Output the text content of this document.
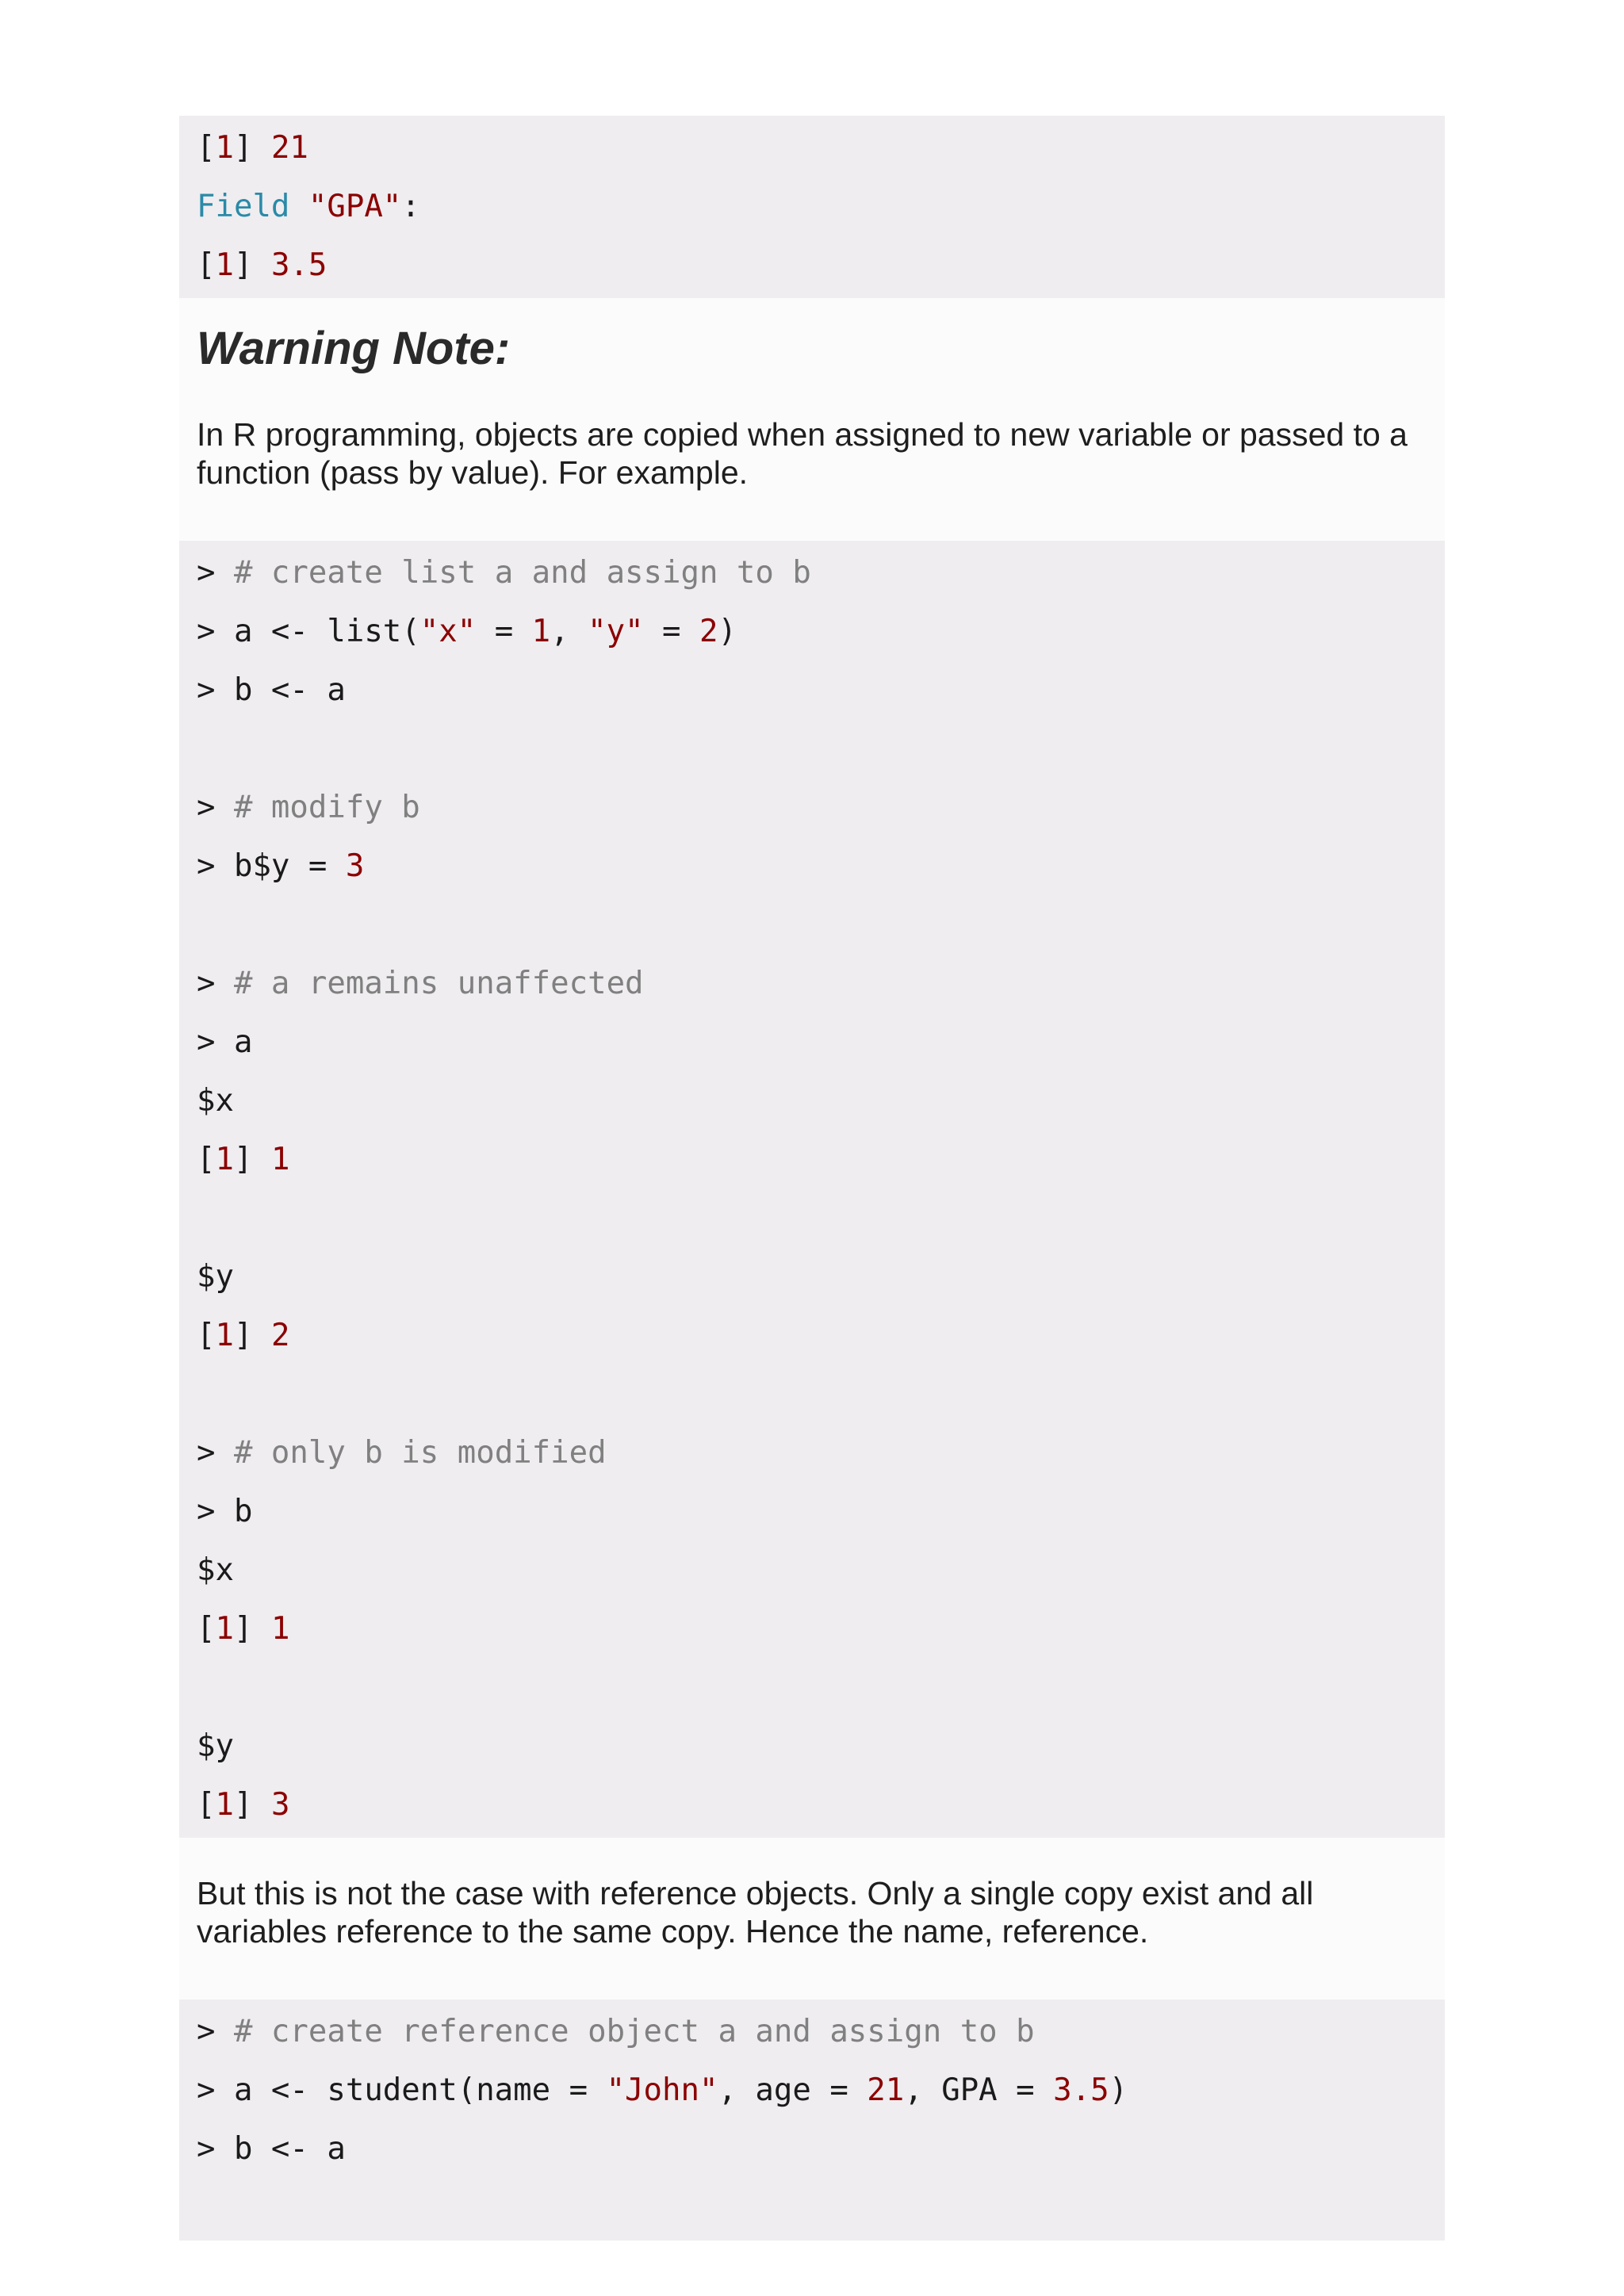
[1] 21
Field "GPA":
[1] 3.5
Warning Note:

In R programming, objects are copied when assigned to new variable or passed to a function (pass by value). For example.

> # create list a and assign to b
> a <- list("x" = 1, "y" = 2)
> b <- a

> # modify b
> b$y = 3

> # a remains unaffected
> a
$x
[1] 1

$y
[1] 2

> # only b is modified
> b
$x
[1] 1

$y
[1] 3

But this is not the case with reference objects. Only a single copy exist and all variables reference to the same copy. Hence the name, reference.

> # create reference object a and assign to b
> a <- student(name = "John", age = 21, GPA = 3.5)
> b <- a
